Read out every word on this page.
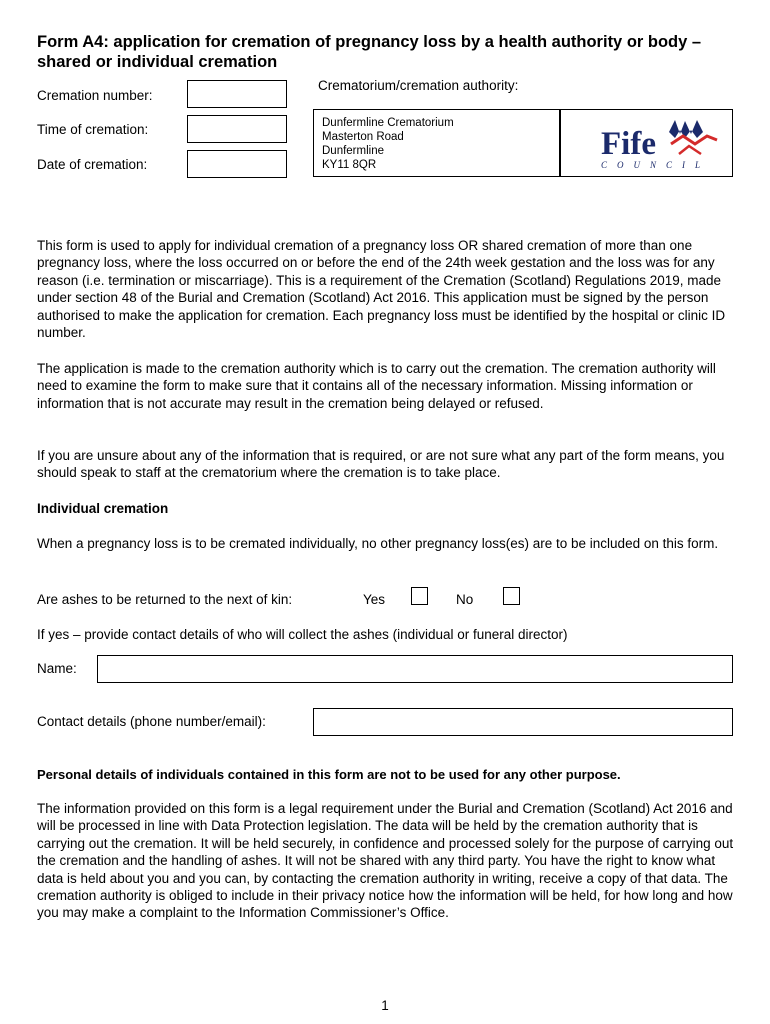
Form A4: application for cremation of pregnancy loss by a health authority or body – shared or individual cremation
Cremation number:
Time of cremation:
Date of cremation:
Crematorium/cremation authority:
Dunfermline Crematorium
Masterton Road
Dunfermline
KY11 8QR
Fife
COUNCIL
This form is used to apply for individual cremation of a pregnancy loss OR shared cremation of more than one pregnancy loss, where the loss occurred on or before the end of the 24th week gestation and the loss was for any reason (i.e. termination or miscarriage). This is a requirement of the Cremation (Scotland) Regulations 2019, made under section 48 of the Burial and Cremation (Scotland) Act 2016. This application must be signed by the person authorised to make the application for cremation. Each pregnancy loss must be identified by the hospital or clinic ID number.
The application is made to the cremation authority which is to carry out the cremation. The cremation authority will need to examine the form to make sure that it contains all of the necessary information. Missing information or information that is not accurate may result in the cremation being delayed or refused.
If you are unsure about any of the information that is required, or are not sure what any part of the form means, you should speak to staff at the crematorium where the cremation is to take place.
Individual cremation
When a pregnancy loss is to be cremated individually, no other pregnancy loss(es) are to be included on this form.
Are ashes to be returned to the next of kin:	Yes	No
If yes – provide contact details of who will collect the ashes (individual or funeral director)
Name:
Contact details (phone number/email):
Personal details of individuals contained in this form are not to be used for any other purpose.
The information provided on this form is a legal requirement under the Burial and Cremation (Scotland) Act 2016 and will be processed in line with Data Protection legislation. The data will be held by the cremation authority that is carrying out the cremation. It will be held securely, in confidence and processed solely for the purpose of carrying out the cremation and the handling of ashes. It will not be shared with any third party. You have the right to know what data is held about you and you can, by contacting the cremation authority in writing, receive a copy of that data. The cremation authority is obliged to include in their privacy notice how the information will be held, for how long and how you may make a complaint to the Information Commissioner’s Office.
1
